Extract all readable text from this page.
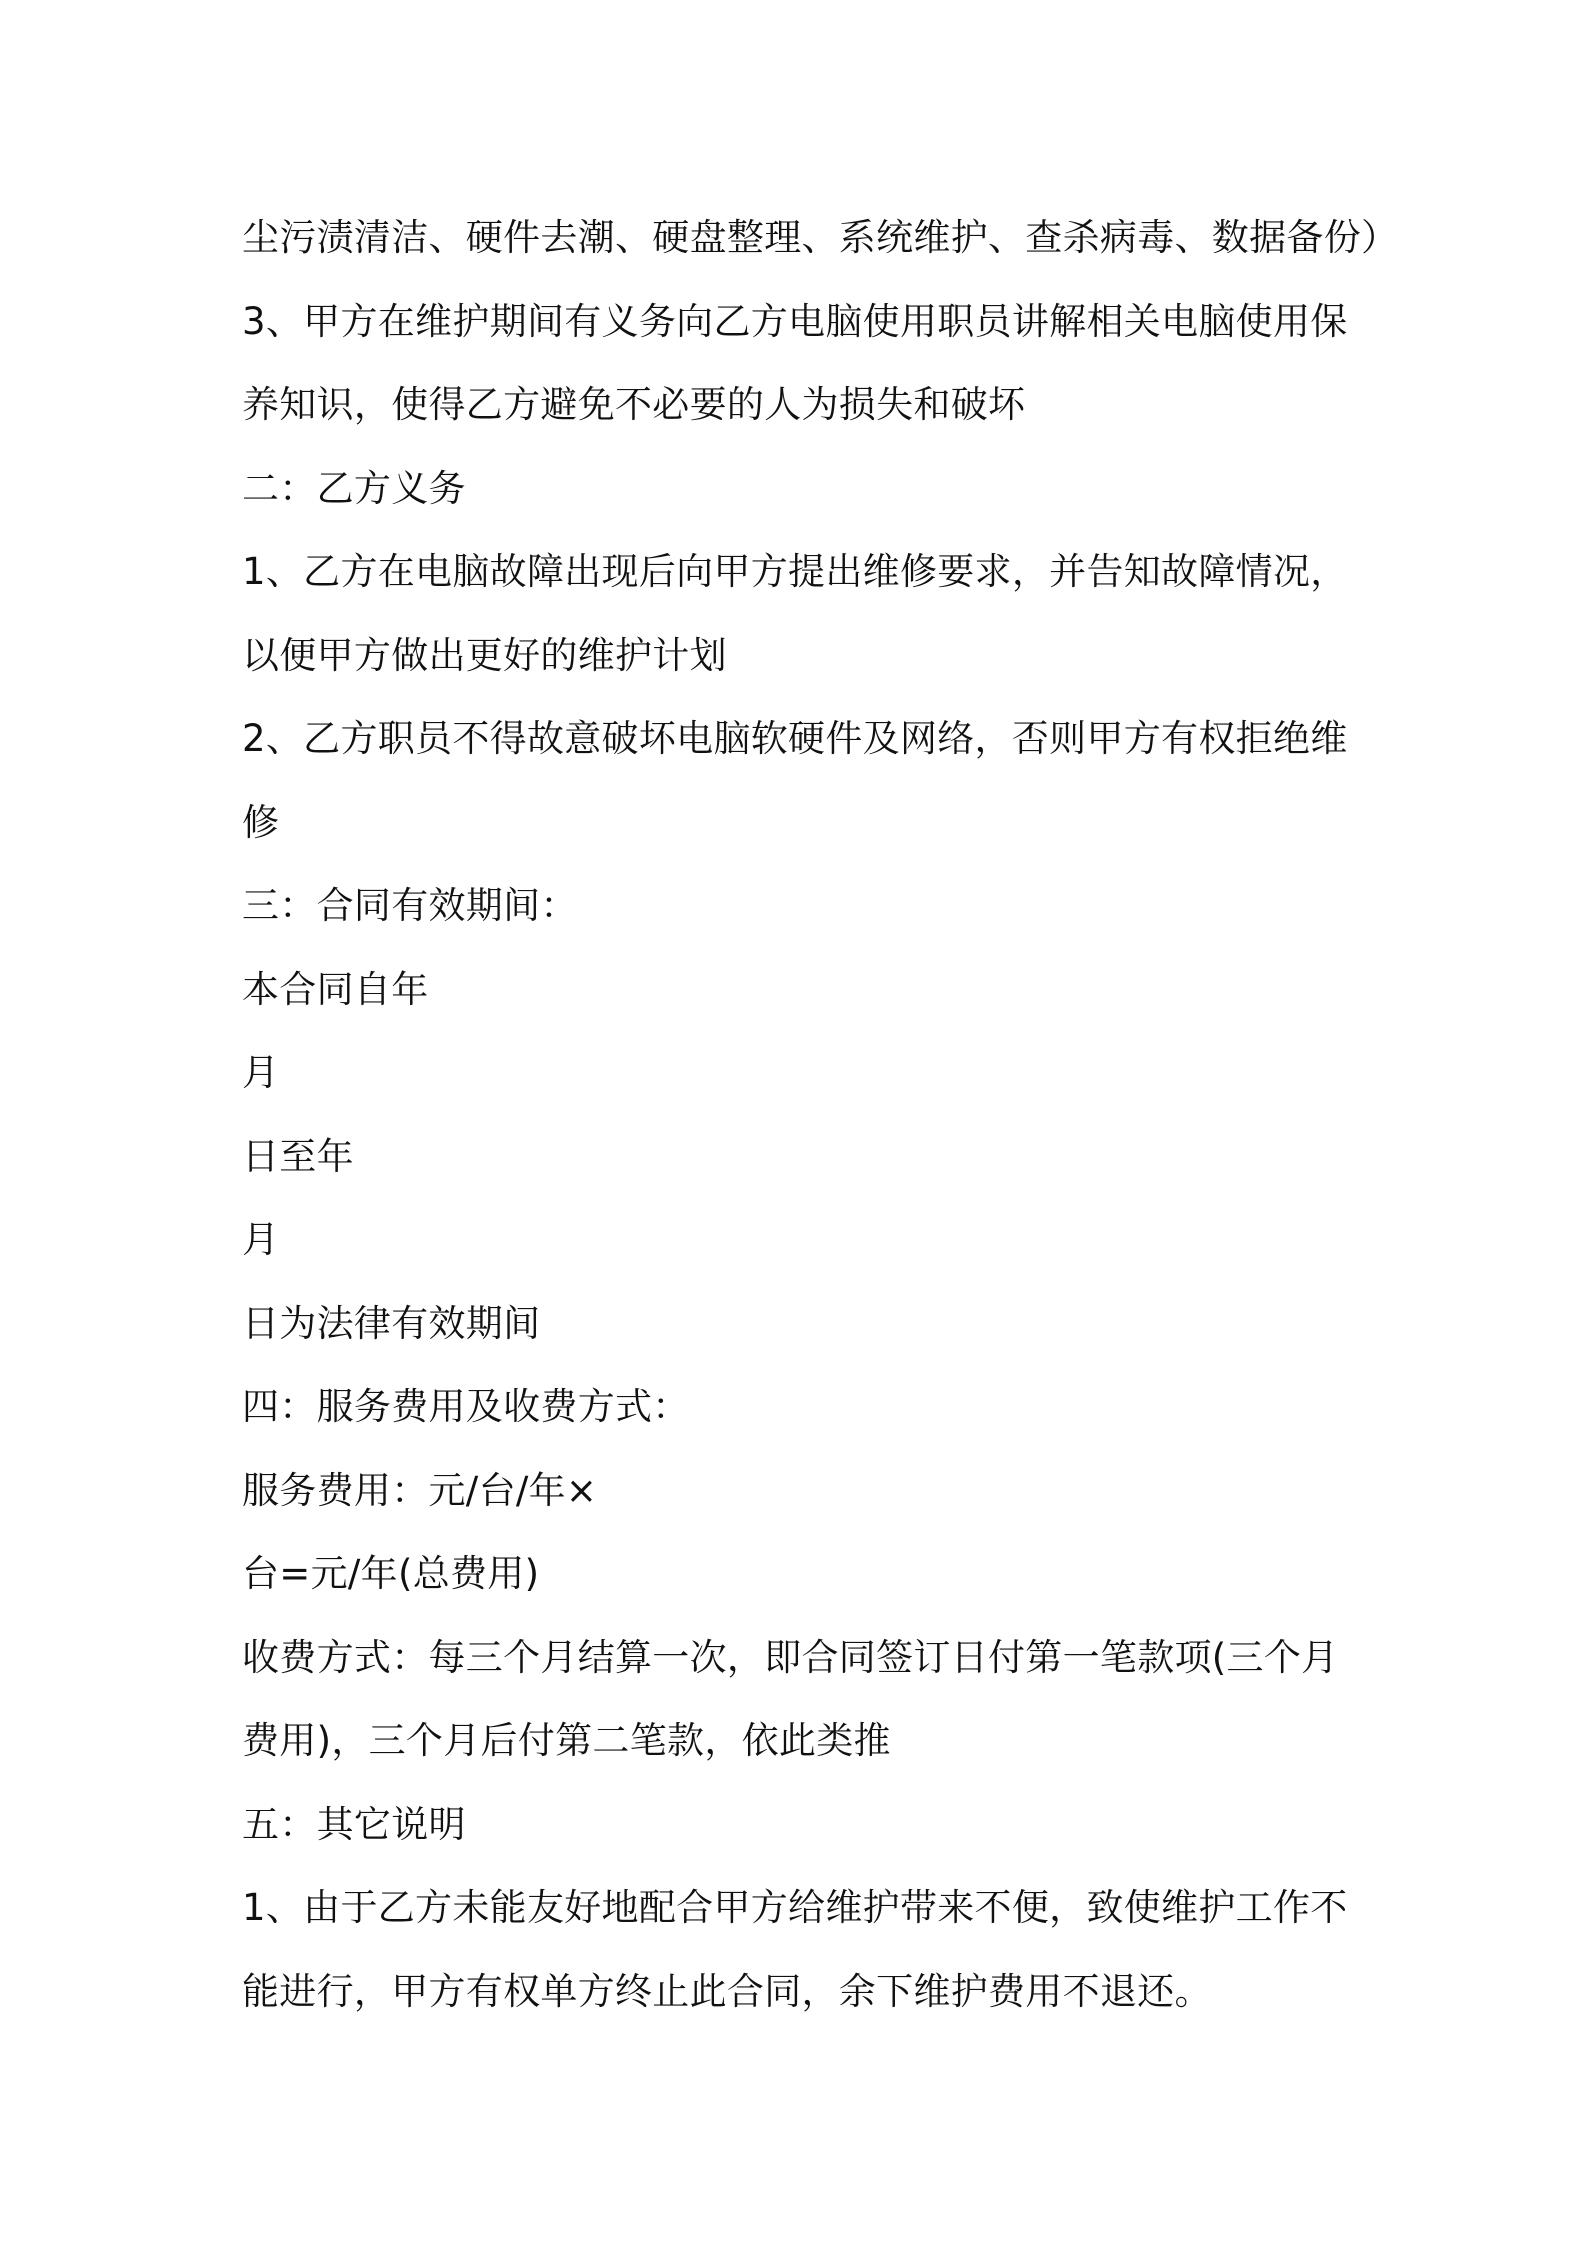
尘污渍清洁、硬件去潮、硬盘整理、系统维护、查杀病毒、数据备份）
3、甲方在维护期间有义务向乙方电脑使用职员讲解相关电脑使用保
养知识，使得乙方避免不必要的人为损失和破坏
二：乙方义务
1、乙方在电脑故障出现后向甲方提出维修要求，并告知故障情况，
以便甲方做出更好的维护计划
2、乙方职员不得故意破坏电脑软硬件及网络，否则甲方有权拒绝维
修
三：合同有效期间：
本合同自年
月
日至年
月
日为法律有效期间
四：服务费用及收费方式：
服务费用：元/台/年×
台=元/年(总费用)
收费方式：每三个月结算一次，即合同签订日付第一笔款项(三个月
费用)，三个月后付第二笔款，依此类推
五：其它说明
1、由于乙方未能友好地配合甲方给维护带来不便，致使维护工作不
能进行，甲方有权单方终止此合同，余下维护费用不退还。
